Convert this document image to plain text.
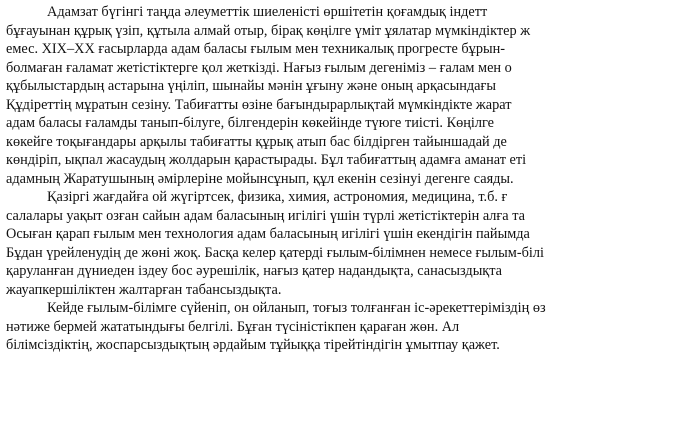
Адамзат бүгінгі таңда әлеуметтік шиеленісті өршітетін қоғамдық індетт
бұғауынан құрық үзіп, құтыла алмай отыр, бірақ көңілге үміт ұялатар мүмкіндіктер ж
емес. XIX–XX ғасырларда адам баласы ғылым мен техникалық прогресте бұрын-
болмаған ғаламат жетістіктерге қол жеткізді. Нағыз ғылым дегеніміз – ғалам мен о
құбылыстардың астарына үңіліп, шынайы мәнін ұғыну және оның арқасындағы
Құдіреттің мұратын сезіну. Табиғатты өзіне бағындырарлықтай мүмкіндікте жарат
адам баласы ғаламды танып-білуге, білгендерін көкейінде түюге тиісті. Көңілге
көкейге тоқығандары арқылы табиғатты құрық атып бас білдірген тайыншадай де
көндіріп, ықпал жасаудың жолдарын қарастырады. Бұл табиғаттың адамға аманат еті
адамның Жаратушының әмірлеріне мойынсұнып, құл екенін сезінуі дегенге саяды.
Қазіргі жағдайға ой жүгіртсек, физика, химия, астрономия, медицина, т.б. ғ
салалары уақыт озған сайын адам баласының игілігі үшін түрлі жетістіктерін алға та
Осыған қарап ғылым мен технология адам баласының игілігі үшін екендігін пайымда
Бұдан үрейленудің де жөні жоқ. Басқа келер қатерді ғылым-білімнен немесе ғылым-білі
қаруланған дүниеден іздеу бос әурешілік, нағыз қатер надандықта, санасыздықта
жауапкершіліктен жалтарған табансыздықта.
Кейде ғылым-білімге сүйеніп, он ойланып, тоғыз толғанған іс-әрекеттеріміздің өз
нәтиже бермей жататындығы белгілі. Бұған түсiнiстiкпен қараған жөн. Ал
білімсіздіктің, жоспарсыздықтың әрдайым тұйыққа тірейтіндігін ұмытпау қажет.
